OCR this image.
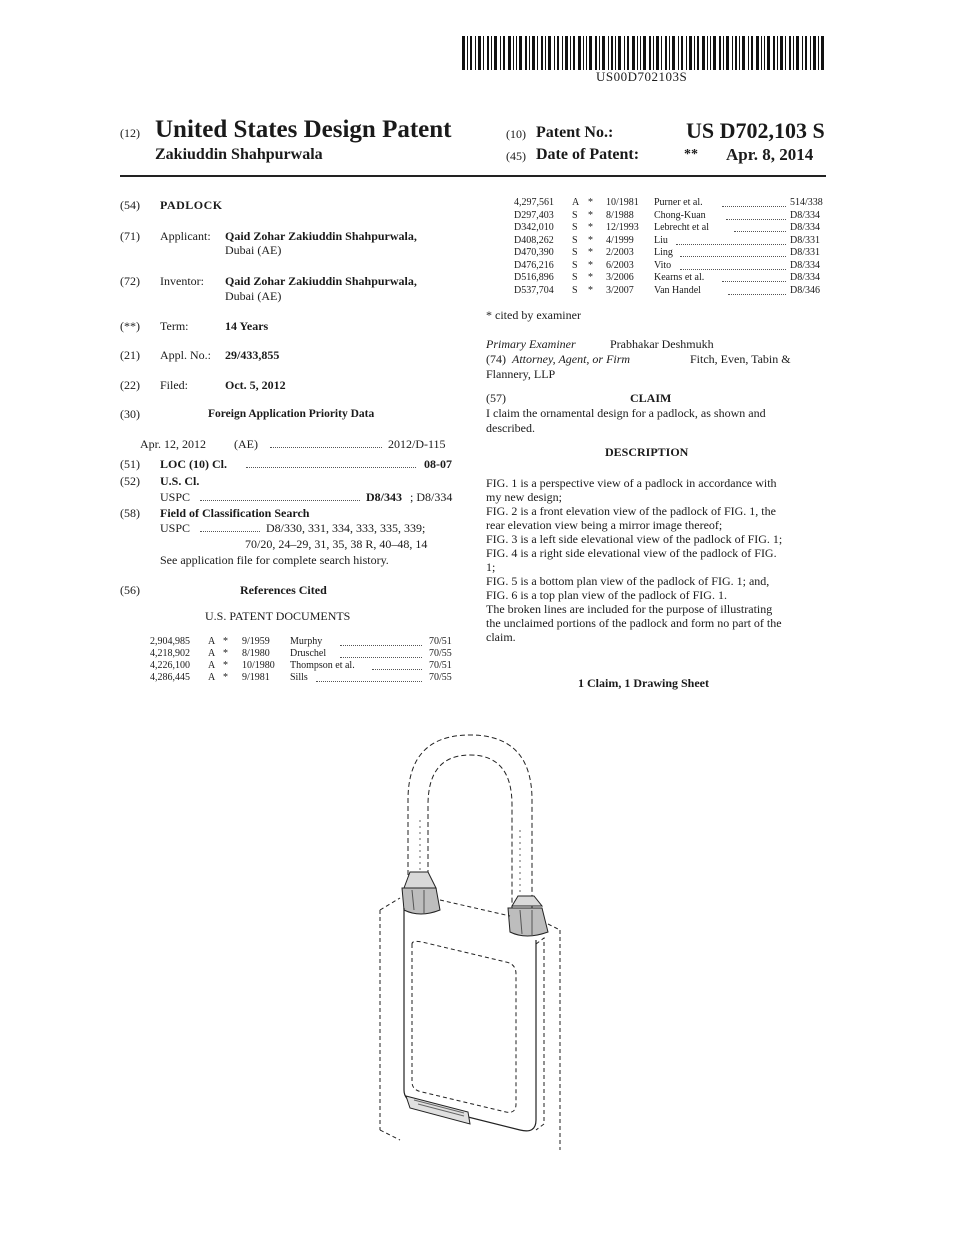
US00D702103S
(12) United States Design Patent
Zakiuddin Shahpurwala
(10) Patent No.:	US D702,103 S
(45) Date of Patent:	** Apr. 8, 2014
(54) PADLOCK
(71) Applicant: Qaid Zohar Zakiuddin Shahpurwala,
Dubai (AE)
(72) Inventor: Qaid Zohar Zakiuddin Shahpurwala,
Dubai (AE)
(**) Term:	14 Years
(21) Appl. No.: 29/433,855
(22) Filed:	Oct. 5, 2012
(30)	Foreign Application Priority Data
Apr. 12, 2012 (AE)	2012/D-115
(51) LOC (10) Cl.	08-07
(52) U.S. Cl.
USPC	D8/343 ; D8/334
(58) Field of Classification Search
USPC	D8/330, 331, 334, 333, 335, 339;
70/20, 24–29, 31, 35, 38 R, 40–48, 14
See application file for complete search history.
(56)	References Cited
U.S. PATENT DOCUMENTS
2,904,985 A * 9/1959 Murphy	70/51
4,218,902 A * 8/1980 Druschel	70/55
4,226,100 A * 10/1980 Thompson et al.	70/51
4,286,445 A * 9/1981 Sills	70/55
4,297,561 A * 10/1981 Purner et al.	514/338
D297,403 S * 8/1988 Chong-Kuan	D8/334
D342,010 S * 12/1993 Lebrecht et al	D8/334
D408,262 S * 4/1999 Liu	D8/331
D470,390 S * 2/2003 Ling	D8/331
D476,216 S * 6/2003 Vito	D8/334
D516,896 S * 3/2006 Kearns et al.	D8/334
D537,704 S * 3/2007 Van Handel	D8/346
* cited by examiner
Primary Examiner	Prabhakar Deshmukh
(74) Attorney, Agent, or Firm	Fitch, Even, Tabin &
Flannery, LLP
(57)	CLAIM
I claim the ornamental design for a padlock, as shown and
described.
DESCRIPTION

FIG. 1 is a perspective view of a padlock in accordance with

my new design;

FIG. 2 is a front elevation view of the padlock of FIG. 1, the

rear elevation view being a mirror image thereof;

FIG. 3 is a left side elevational view of the padlock of FIG. 1;

FIG. 4 is a right side elevational view of the padlock of FIG.

1;

FIG. 5 is a bottom plan view of the padlock of FIG. 1; and,

FIG. 6 is a top plan view of the padlock of FIG. 1.

The broken lines are included for the purpose of illustrating

the unclaimed portions of the padlock and form no part of the

claim.

1 Claim, 1 Drawing Sheet
